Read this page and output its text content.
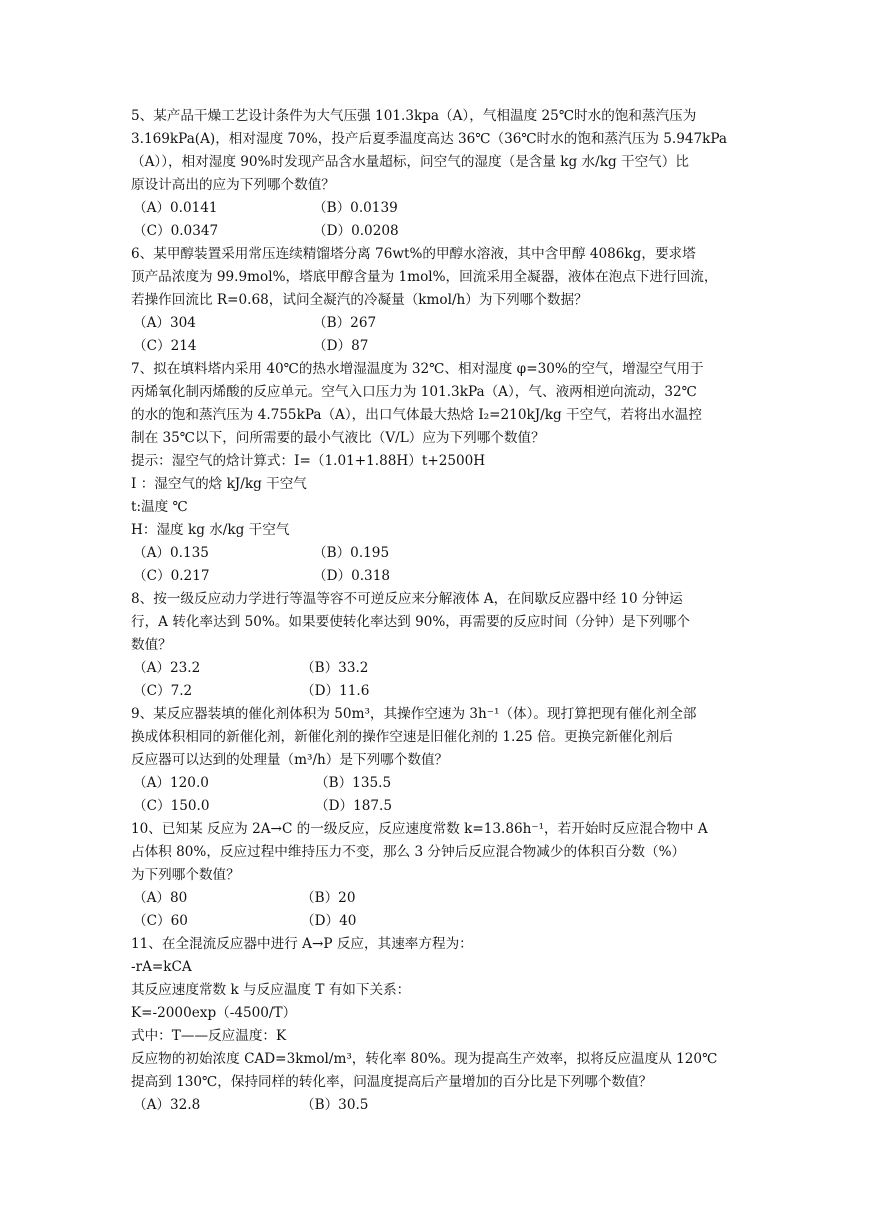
5、某产品干燥工艺设计条件为大气压强 101.3kpa（A），气相温度 25℃时水的饱和蒸汽压为
3.169kPa(A)，相对湿度 70%，投产后夏季温度高达 36℃（36℃时水的饱和蒸汽压为 5.947kPa
（A）），相对湿度 90%时发现产品含水量超标，问空气的湿度（是含量 kg 水/kg 干空气）比
原设计高出的应为下列哪个数值？
（A）0.0141	（B）0.0139
（C）0.0347	（D）0.0208
6、某甲醇装置采用常压连续精馏塔分离 76wt%的甲醇水溶液，其中含甲醇 4086kg，要求塔
顶产品浓度为 99.9mol%，塔底甲醇含量为 1mol%，回流采用全凝器，液体在泡点下进行回流，
若操作回流比 R=0.68，试问全凝汽的冷凝量（kmol/h）为下列哪个数据？
（A）304	（B）267
（C）214	（D）87
7、拟在填料塔内采用 40℃的热水增湿温度为 32℃、相对湿度 φ=30%的空气，增湿空气用于
丙烯氧化制丙烯酸的反应单元。空气入口压力为 101.3kPa（A），气、液两相逆向流动，32℃
的水的饱和蒸汽压为 4.755kPa（A），出口气体最大热焓 I₂=210kJ/kg 干空气，若将出水温控
制在 35℃以下，问所需要的最小气液比（V/L）应为下列哪个数值？
提示：湿空气的焓计算式：I=（1.01+1.88H）t+2500H
I ：湿空气的焓 kJ/kg 干空气
t:温度 ℃
H：湿度 kg 水/kg 干空气
（A）0.135	（B）0.195
（C）0.217	（D）0.318
8、按一级反应动力学进行等温等容不可逆反应来分解液体 A，在间歇反应器中经 10 分钟运
行，A 转化率达到 50%。如果要使转化率达到 90%，再需要的反应时间（分钟）是下列哪个
数值？
（A）23.2	（B）33.2
（C）7.2	（D）11.6
9、某反应器装填的催化剂体积为 50m³，其操作空速为 3h⁻¹（体）。现打算把现有催化剂全部
换成体积相同的新催化剂，新催化剂的操作空速是旧催化剂的 1.25 倍。更换完新催化剂后
反应器可以达到的处理量（m³/h）是下列哪个数值？
（A）120.0	（B）135.5
（C）150.0	（D）187.5
10、已知某 反应为 2A→C 的一级反应，反应速度常数 k=13.86h⁻¹，若开始时反应混合物中 A
占体积 80%，反应过程中维持压力不变，那么 3 分钟后反应混合物减少的体积百分数（%）
为下列哪个数值？
（A）80	（B）20
（C）60	（D）40
11、在全混流反应器中进行 A→P 反应，其速率方程为：
-rA=kCA
其反应速度常数 k 与反应温度 T 有如下关系：
K=-2000exp（-4500/T）
式中：T——反应温度：K
反应物的初始浓度 CAD=3kmol/m³，转化率 80%。现为提高生产效率，拟将反应温度从 120℃
提高到 130℃，保持同样的转化率，问温度提高后产量增加的百分比是下列哪个数值？
（A）32.8	（B）30.5
